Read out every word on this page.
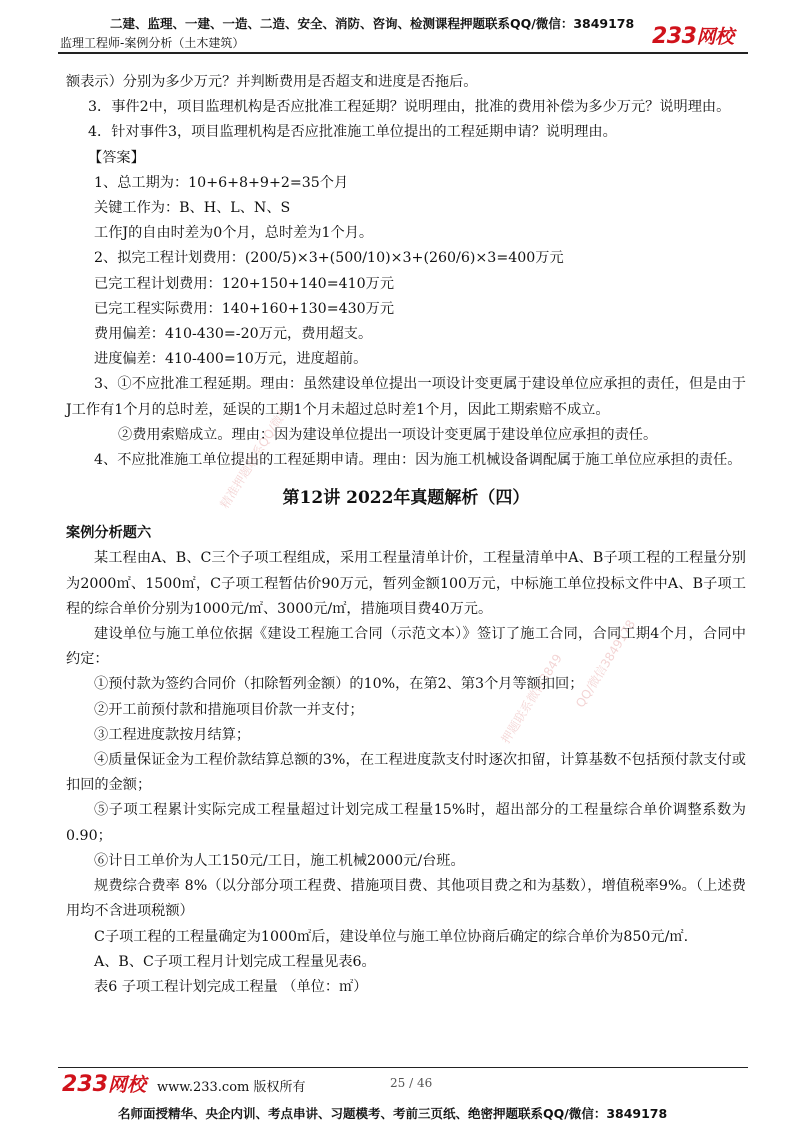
二建、监理、一建、一造、二造、安全、消防、咨询、检测课程押题联系QQ/微信：3849178
监理工程师-案例分析（土木建筑）	233网校
精准押题联系QQ/微信
押题联系微信3849 QQ/微信3849178

额表示）分别为多少万元？并判断费用是否超支和进度是否拖后。

3．事件2中，项目监理机构是否应批准工程延期？说明理由，批准的费用补偿为多少万元？说明理由。

4．针对事件3，项目监理机构是否应批准施工单位提出的工程延期申请？说明理由。

【答案】

1、总工期为：10+6+8+9+2=35个月

关键工作为：B、H、L、N、S

工作J的自由时差为0个月，总时差为1个月。

2、拟完工程计划费用：(200/5)×3+(500/10)×3+(260/6)×3=400万元

已完工程计划费用：120+150+140=410万元

已完工程实际费用：140+160+130=430万元

费用偏差：410-430=-20万元，费用超支。

进度偏差：410-400=10万元，进度超前。

3、①不应批准工程延期。理由：虽然建设单位提出一项设计变更属于建设单位应承担的责任，但是由于J工作有1个月的总时差，延误的工期1个月未超过总时差1个月，因此工期索赔不成立。

②费用索赔成立。理由：因为建设单位提出一项设计变更属于建设单位应承担的责任。

4、不应批准施工单位提出的工程延期申请。理由：因为施工机械设备调配属于施工单位应承担的责任。

第12讲 2022年真题解析（四）

案例分析题六

某工程由A、B、C三个子项工程组成，采用工程量清单计价，工程量清单中A、B子项工程的工程量分别为2000㎡、1500㎡，C子项工程暂估价90万元，暂列金额100万元，中标施工单位投标文件中A、B子项工程的综合单价分别为1000元/㎡、3000元/㎡，措施项目费40万元。

建设单位与施工单位依据《建设工程施工合同（示范文本）》签订了施工合同，合同工期4个月，合同中约定：

①预付款为签约合同价（扣除暂列金额）的10%，在第2、第3个月等额扣回；

②开工前预付款和措施项目价款一并支付；

③工程进度款按月结算；

④质量保证金为工程价款结算总额的3%，在工程进度款支付时逐次扣留，计算基数不包括预付款支付或扣回的金额；

⑤子项工程累计实际完成工程量超过计划完成工程量15%时，超出部分的工程量综合单价调整系数为0.90；

⑥计日工单价为人工150元/工日，施工机械2000元/台班。

规费综合费率 8%（以分部分项工程费、措施项目费、其他项目费之和为基数），增值税率9%。（上述费用均不含进项税额）

C子项工程的工程量确定为1000㎡后，建设单位与施工单位协商后确定的综合单价为850元/㎡.

A、B、C子项工程月计划完成工程量见表6。

表6 子项工程计划完成工程量 （单位：㎡）

233网校 www.233.com 版权所有	25 / 46
名师面授精华、央企内训、考点串讲、习题模考、考前三页纸、绝密押题联系QQ/微信：3849178
